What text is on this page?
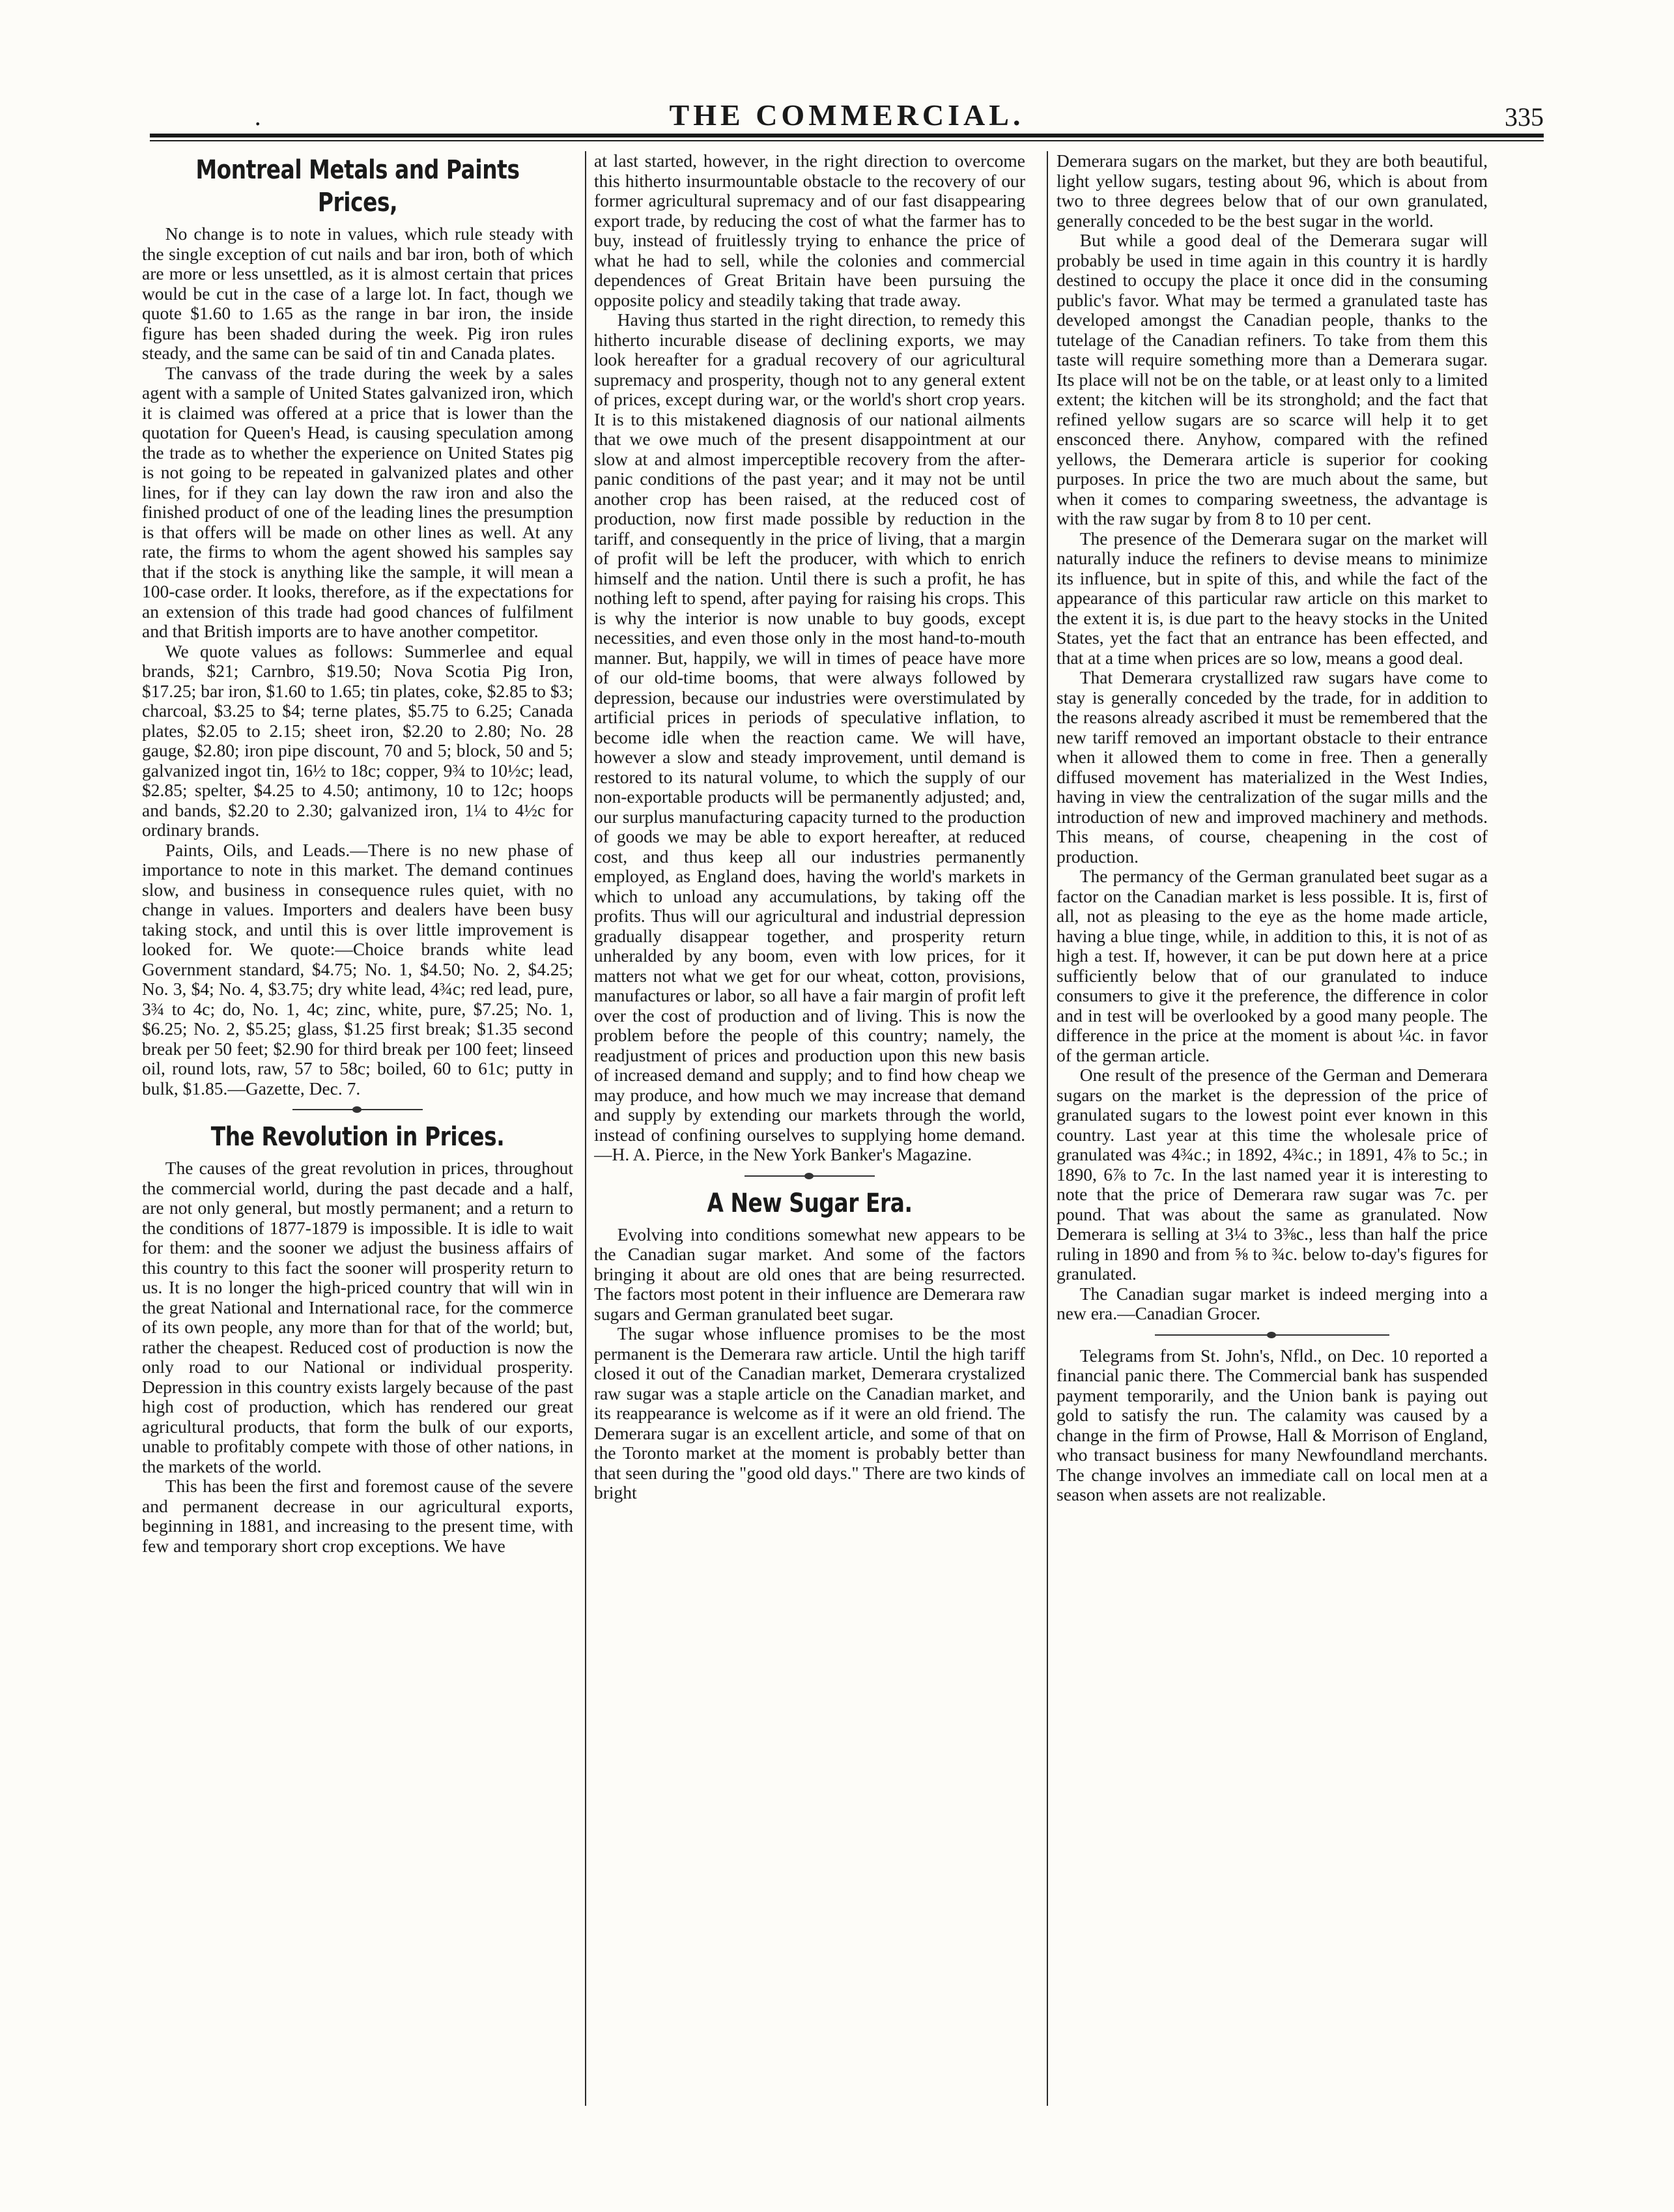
.	THE COMMERCIAL.	335
Montreal Metals and Paints Prices,

No change is to note in values, which rule steady with the single exception of cut nails and bar iron, both of which are more or less unsettled, as it is almost certain that prices would be cut in the case of a large lot. In fact, though we quote $1.60 to 1.65 as the range in bar iron, the inside figure has been shaded during the week. Pig iron rules steady, and the same can be said of tin and Canada plates.

The canvass of the trade during the week by a sales agent with a sample of United States galvanized iron, which it is claimed was offered at a price that is lower than the quotation for Queen's Head, is causing speculation among the trade as to whether the experience on United States pig is not going to be repeated in galvanized plates and other lines, for if they can lay down the raw iron and also the finished product of one of the leading lines the presumption is that offers will be made on other lines as well. At any rate, the firms to whom the agent showed his samples say that if the stock is anything like the sample, it will mean a 100-case order. It looks, therefore, as if the expectations for an extension of this trade had good chances of fulfilment and that British imports are to have another competitor.

We quote values as follows: Summerlee and equal brands, $21; Carnbro, $19.50; Nova Scotia Pig Iron, $17.25; bar iron, $1.60 to 1.65; tin plates, coke, $2.85 to $3; charcoal, $3.25 to $4; terne plates, $5.75 to 6.25; Canada plates, $2.05 to 2.15; sheet iron, $2.20 to 2.80; No. 28 gauge, $2.80; iron pipe discount, 70 and 5; block, 50 and 5; galvanized ingot tin, 16½ to 18c; copper, 9¾ to 10½c; lead, $2.85; spelter, $4.25 to 4.50; antimony, 10 to 12c; hoops and bands, $2.20 to 2.30; galvanized iron, 1¼ to 4½c for ordinary brands.

Paints, Oils, and Leads.—There is no new phase of importance to note in this market. The demand continues slow, and business in consequence rules quiet, with no change in values. Importers and dealers have been busy taking stock, and until this is over little improvement is looked for. We quote:—Choice brands white lead Government standard, $4.75; No. 1, $4.50; No. 2, $4.25; No. 3, $4; No. 4, $3.75; dry white lead, 4¾c; red lead, pure, 3¾ to 4c; do, No. 1, 4c; zinc, white, pure, $7.25; No. 1, $6.25; No. 2, $5.25; glass, $1.25 first break; $1.35 second break per 50 feet; $2.90 for third break per 100 feet; linseed oil, round lots, raw, 57 to 58c; boiled, 60 to 61c; putty in bulk, $1.85.—Gazette, Dec. 7.

The Revolution in Prices.

The causes of the great revolution in prices, throughout the commercial world, during the past decade and a half, are not only general, but mostly permanent; and a return to the conditions of 1877-1879 is impossible. It is idle to wait for them: and the sooner we adjust the business affairs of this country to this fact the sooner will prosperity return to us. It is no longer the high-priced country that will win in the great National and International race, for the commerce of its own people, any more than for that of the world; but, rather the cheapest. Reduced cost of production is now the only road to our National or individual prosperity. Depression in this country exists largely because of the past high cost of production, which has rendered our great agricultural products, that form the bulk of our exports, unable to profitably compete with those of other nations, in the markets of the world.

This has been the first and foremost cause of the severe and permanent decrease in our agricultural exports, beginning in 1881, and increasing to the present time, with few and temporary short crop exceptions. We have

at last started, however, in the right direction to overcome this hitherto insurmountable obstacle to the recovery of our former agricultural supremacy and of our fast disappearing export trade, by reducing the cost of what the farmer has to buy, instead of fruitlessly trying to enhance the price of what he had to sell, while the colonies and commercial dependences of Great Britain have been pursuing the opposite policy and steadily taking that trade away.

Having thus started in the right direction, to remedy this hitherto incurable disease of declining exports, we may look hereafter for a gradual recovery of our agricultural supremacy and prosperity, though not to any general extent of prices, except during war, or the world's short crop years. It is to this mistakened diagnosis of our national ailments that we owe much of the present disappointment at our slow at and almost imperceptible recovery from the after-panic conditions of the past year; and it may not be until another crop has been raised, at the reduced cost of production, now first made possible by reduction in the tariff, and consequently in the price of living, that a margin of profit will be left the producer, with which to enrich himself and the nation. Until there is such a profit, he has nothing left to spend, after paying for raising his crops. This is why the interior is now unable to buy goods, except necessities, and even those only in the most hand-to-mouth manner. But, happily, we will in times of peace have more of our old-time booms, that were always followed by depression, because our industries were overstimulated by artificial prices in periods of speculative inflation, to become idle when the reaction came. We will have, however a slow and steady improvement, until demand is restored to its natural volume, to which the supply of our non-exportable products will be permanently adjusted; and, our surplus manufacturing capacity turned to the production of goods we may be able to export hereafter, at reduced cost, and thus keep all our industries permanently employed, as England does, having the world's markets in which to unload any accumulations, by taking off the profits. Thus will our agricultural and industrial depression gradually disappear together, and prosperity return unheralded by any boom, even with low prices, for it matters not what we get for our wheat, cotton, provisions, manufactures or labor, so all have a fair margin of profit left over the cost of production and of living. This is now the problem before the people of this country; namely, the readjustment of prices and production upon this new basis of increased demand and supply; and to find how cheap we may produce, and how much we may increase that demand and supply by extending our markets through the world, instead of confining ourselves to supplying home demand. —H. A. Pierce, in the New York Banker's Magazine.

A New Sugar Era.

Evolving into conditions somewhat new appears to be the Canadian sugar market. And some of the factors bringing it about are old ones that are being resurrected. The factors most potent in their influence are Demerara raw sugars and German granulated beet sugar.

The sugar whose influence promises to be the most permanent is the Demerara raw article. Until the high tariff closed it out of the Canadian market, Demerara crystalized raw sugar was a staple article on the Canadian market, and its reappearance is welcome as if it were an old friend. The Demerara sugar is an excellent article, and some of that on the Toronto market at the moment is probably better than that seen during the "good old days." There are two kinds of bright

Demerara sugars on the market, but they are both beautiful, light yellow sugars, testing about 96, which is about from two to three degrees below that of our own granulated, generally conceded to be the best sugar in the world.

But while a good deal of the Demerara sugar will probably be used in time again in this country it is hardly destined to occupy the place it once did in the consuming public's favor. What may be termed a granulated taste has developed amongst the Canadian people, thanks to the tutelage of the Canadian refiners. To take from them this taste will require something more than a Demerara sugar. Its place will not be on the table, or at least only to a limited extent; the kitchen will be its stronghold; and the fact that refined yellow sugars are so scarce will help it to get ensconced there. Anyhow, compared with the refined yellows, the Demerara article is superior for cooking purposes. In price the two are much about the same, but when it comes to comparing sweetness, the advantage is with the raw sugar by from 8 to 10 per cent.

The presence of the Demerara sugar on the market will naturally induce the refiners to devise means to minimize its influence, but in spite of this, and while the fact of the appearance of this particular raw article on this market to the extent it is, is due part to the heavy stocks in the United States, yet the fact that an entrance has been effected, and that at a time when prices are so low, means a good deal.

That Demerara crystallized raw sugars have come to stay is generally conceded by the trade, for in addition to the reasons already ascribed it must be remembered that the new tariff removed an important obstacle to their entrance when it allowed them to come in free. Then a generally diffused movement has materialized in the West Indies, having in view the centralization of the sugar mills and the introduction of new and improved machinery and methods. This means, of course, cheapening in the cost of production.

The permancy of the German granulated beet sugar as a factor on the Canadian market is less possible. It is, first of all, not as pleasing to the eye as the home made article, having a blue tinge, while, in addition to this, it is not of as high a test. If, however, it can be put down here at a price sufficiently below that of our granulated to induce consumers to give it the preference, the difference in color and in test will be overlooked by a good many people. The difference in the price at the moment is about ¼c. in favor of the german article.

One result of the presence of the German and Demerara sugars on the market is the depression of the price of granulated sugars to the lowest point ever known in this country. Last year at this time the wholesale price of granulated was 4¾c.; in 1892, 4¾c.; in 1891, 4⅞ to 5c.; in 1890, 6⅞ to 7c. In the last named year it is interesting to note that the price of Demerara raw sugar was 7c. per pound. That was about the same as granulated. Now Demerara is selling at 3¼ to 3⅜c., less than half the price ruling in 1890 and from ⅝ to ¾c. below to-day's figures for granulated.

The Canadian sugar market is indeed merging into a new era.—Canadian Grocer.

Telegrams from St. John's, Nfld., on Dec. 10 reported a financial panic there. The Commercial bank has suspended payment temporarily, and the Union bank is paying out gold to satisfy the run. The calamity was caused by a change in the firm of Prowse, Hall & Morrison of England, who transact business for many Newfoundland merchants. The change involves an immediate call on local men at a season when assets are not realizable.
